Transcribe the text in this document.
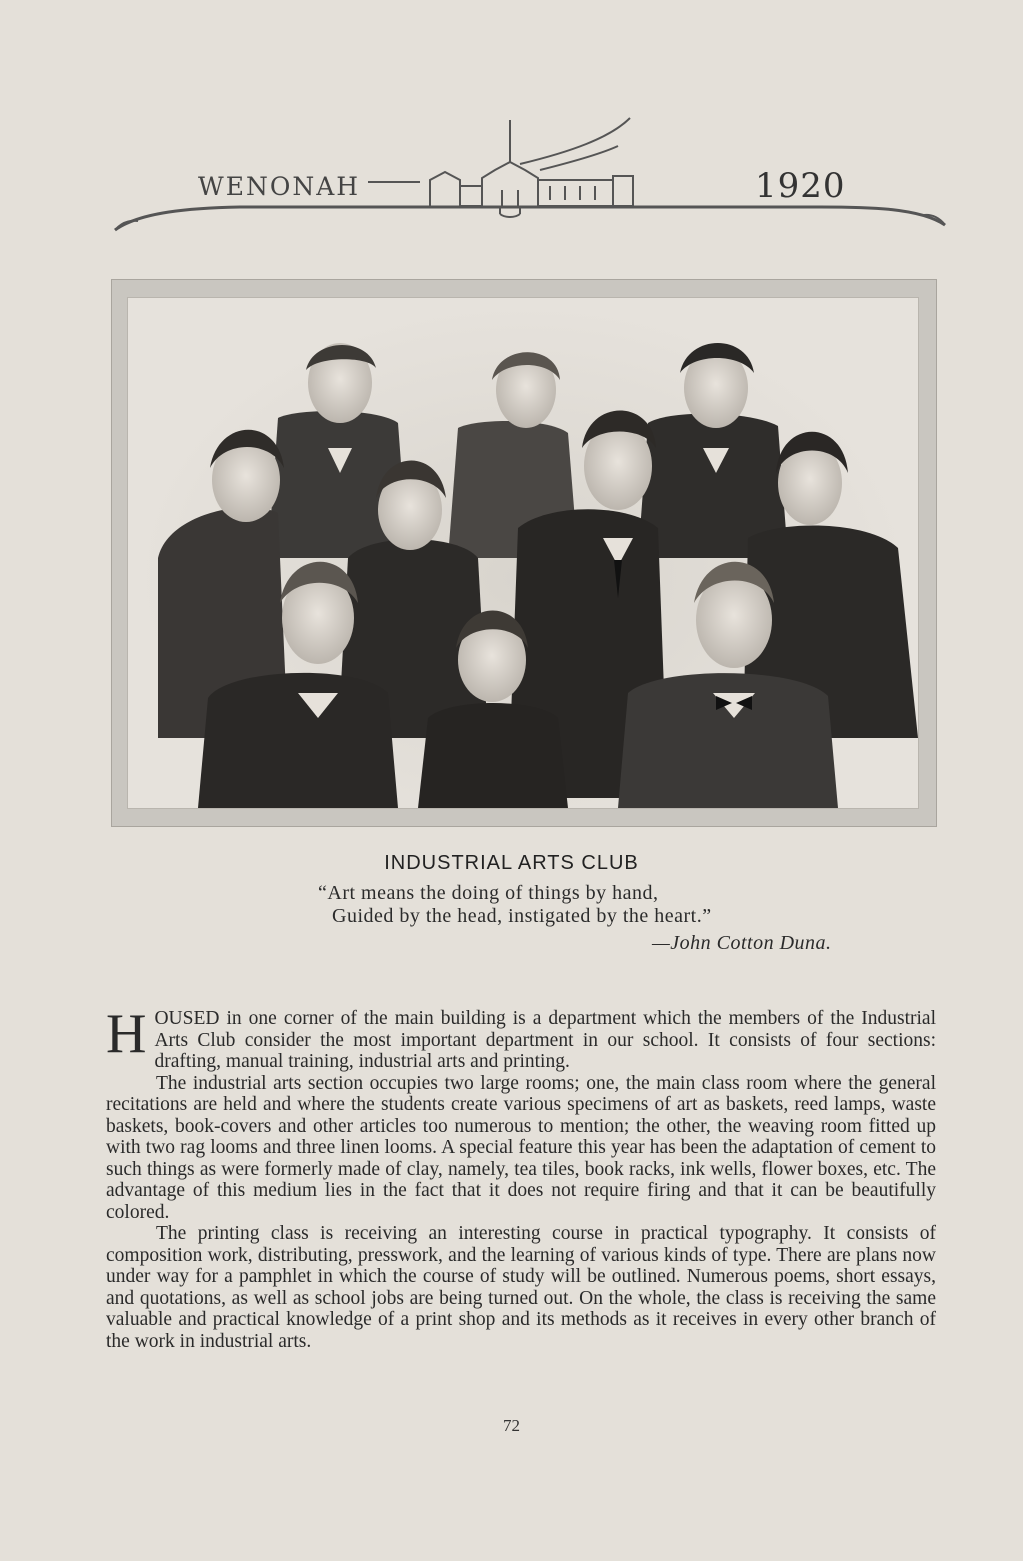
WENONAH	1920
INDUSTRIAL ARTS CLUB
“Art means the doing of things by hand,
Guided by the head, instigated by the heart.”
—John Cotton Duna.

HOUSED in one corner of the main building is a department which the members of the Industrial Arts Club consider the most important department in our school. It consists of four sections: drafting, manual training, industrial arts and printing.

The industrial arts section occupies two large rooms; one, the main class room where the general recitations are held and where the students create various specimens of art as baskets, reed lamps, waste baskets, book-covers and other articles too numerous to mention; the other, the weaving room fitted up with two rag looms and three linen looms. A special feature this year has been the adaptation of cement to such things as were formerly made of clay, namely, tea tiles, book racks, ink wells, flower boxes, etc. The advantage of this medium lies in the fact that it does not require firing and that it can be beautifully colored.

The printing class is receiving an interesting course in practical typography. It consists of composition work, distributing, presswork, and the learning of various kinds of type. There are plans now under way for a pamphlet in which the course of study will be outlined. Numerous poems, short essays, and quotations, as well as school jobs are being turned out. On the whole, the class is receiving the same valuable and practical knowledge of a print shop and its methods as it receives in every other branch of the work in industrial arts.

72
